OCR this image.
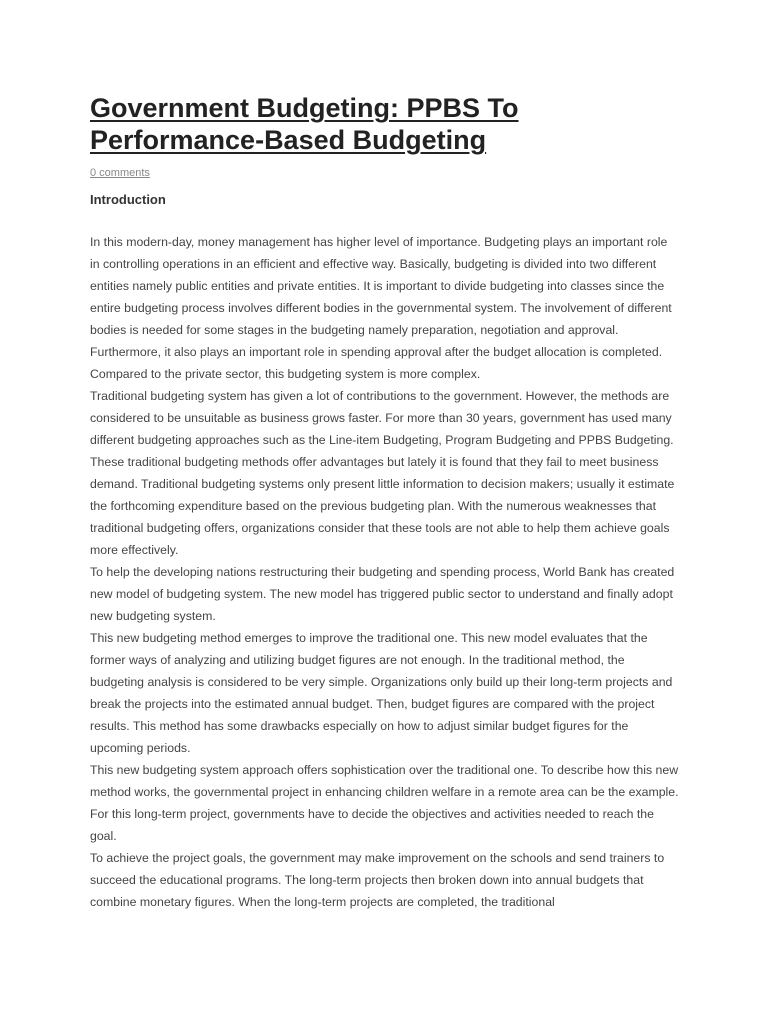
Government Budgeting: PPBS To Performance-Based Budgeting
0 comments
Introduction

In this modern-day, money management has higher level of importance. Budgeting plays an important role in controlling operations in an efficient and effective way. Basically, budgeting is divided into two different entities namely public entities and private entities. It is important to divide budgeting into classes since the entire budgeting process involves different bodies in the governmental system. The involvement of different bodies is needed for some stages in the budgeting namely preparation, negotiation and approval. Furthermore, it also plays an important role in spending approval after the budget allocation is completed. Compared to the private sector, this budgeting system is more complex.

Traditional budgeting system has given a lot of contributions to the government. However, the methods are considered to be unsuitable as business grows faster. For more than 30 years, government has used many different budgeting approaches such as the Line-item Budgeting, Program Budgeting and PPBS Budgeting. These traditional budgeting methods offer advantages but lately it is found that they fail to meet business demand. Traditional budgeting systems only present little information to decision makers; usually it estimate the forthcoming expenditure based on the previous budgeting plan. With the numerous weaknesses that traditional budgeting offers, organizations consider that these tools are not able to help them achieve goals more effectively.

To help the developing nations restructuring their budgeting and spending process, World Bank has created new model of budgeting system. The new model has triggered public sector to understand and finally adopt new budgeting system.

This new budgeting method emerges to improve the traditional one. This new model evaluates that the former ways of analyzing and utilizing budget figures are not enough. In the traditional method, the budgeting analysis is considered to be very simple. Organizations only build up their long-term projects and break the projects into the estimated annual budget. Then, budget figures are compared with the project results. This method has some drawbacks especially on how to adjust similar budget figures for the upcoming periods.

This new budgeting system approach offers sophistication over the traditional one. To describe how this new method works, the governmental project in enhancing children welfare in a remote area can be the example. For this long-term project, governments have to decide the objectives and activities needed to reach the goal.

To achieve the project goals, the government may make improvement on the schools and send trainers to succeed the educational programs. The long-term projects then broken down into annual budgets that combine monetary figures. When the long-term projects are completed, the traditional
